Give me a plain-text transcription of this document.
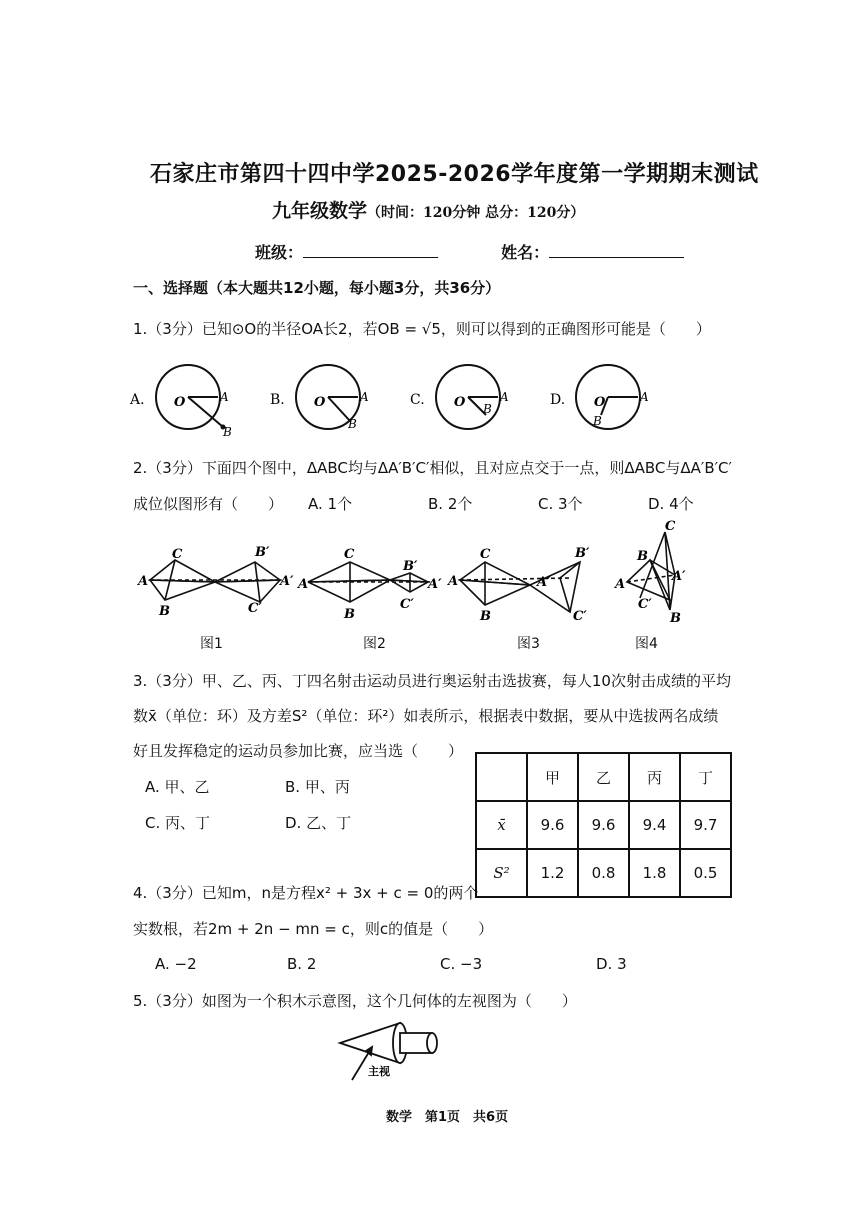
石家庄市第四十四中学2025-2026学年度第一学期期末测试
九年级数学（时间：120分钟 总分：120分）
班级：	姓名：
一、选择题（本大题共12小题，每小题3分，共36分）
1.（3分）已知⊙O的半径OA长2，若OB = √5，则可以得到的正确图形可能是（　　）
A. O	A
B
B. O	A
B
C. O	A
B
D. O	A
B
2.（3分）下面四个图中，ΔABC均与ΔA′B′C′相似，且对应点交于一点，则ΔABC与ΔA′B′C′
成位似图形有（　　） A. 1个	B. 2个	C. 3个	D. 4个
A
C
B
B′
A′
C′
A
C
B
B′
A′
C′
A
C
B
B′
A′
C′
A
B
C
A′
C′
B
图1	图2	图3	图4
3.（3分）甲、乙、丙、丁四名射击运动员进行奥运射击选拔赛，每人10次射击成绩的平均
数x̄（单位：环）及方差S²（单位：环²）如表所示，根据表中数据，要从中选拔两名成绩
好且发挥稳定的运动员参加比赛，应当选（　　）
A. 甲、乙	B. 甲、丙
C. 丙、丁	D. 乙、丁
	甲	乙	丙	丁
x̄	9.6	9.6	9.4	9.7
S²	1.2	0.8	1.8	0.5
4.（3分）已知m，n是方程x² + 3x + c = 0的两个
实数根，若2m + 2n − mn = c，则c的值是（　　）
A. −2	B. 2	C. −3	D. 3
5.（3分）如图为一个积木示意图，这个几何体的左视图为（　　）
主视
数学　第1页　共6页
